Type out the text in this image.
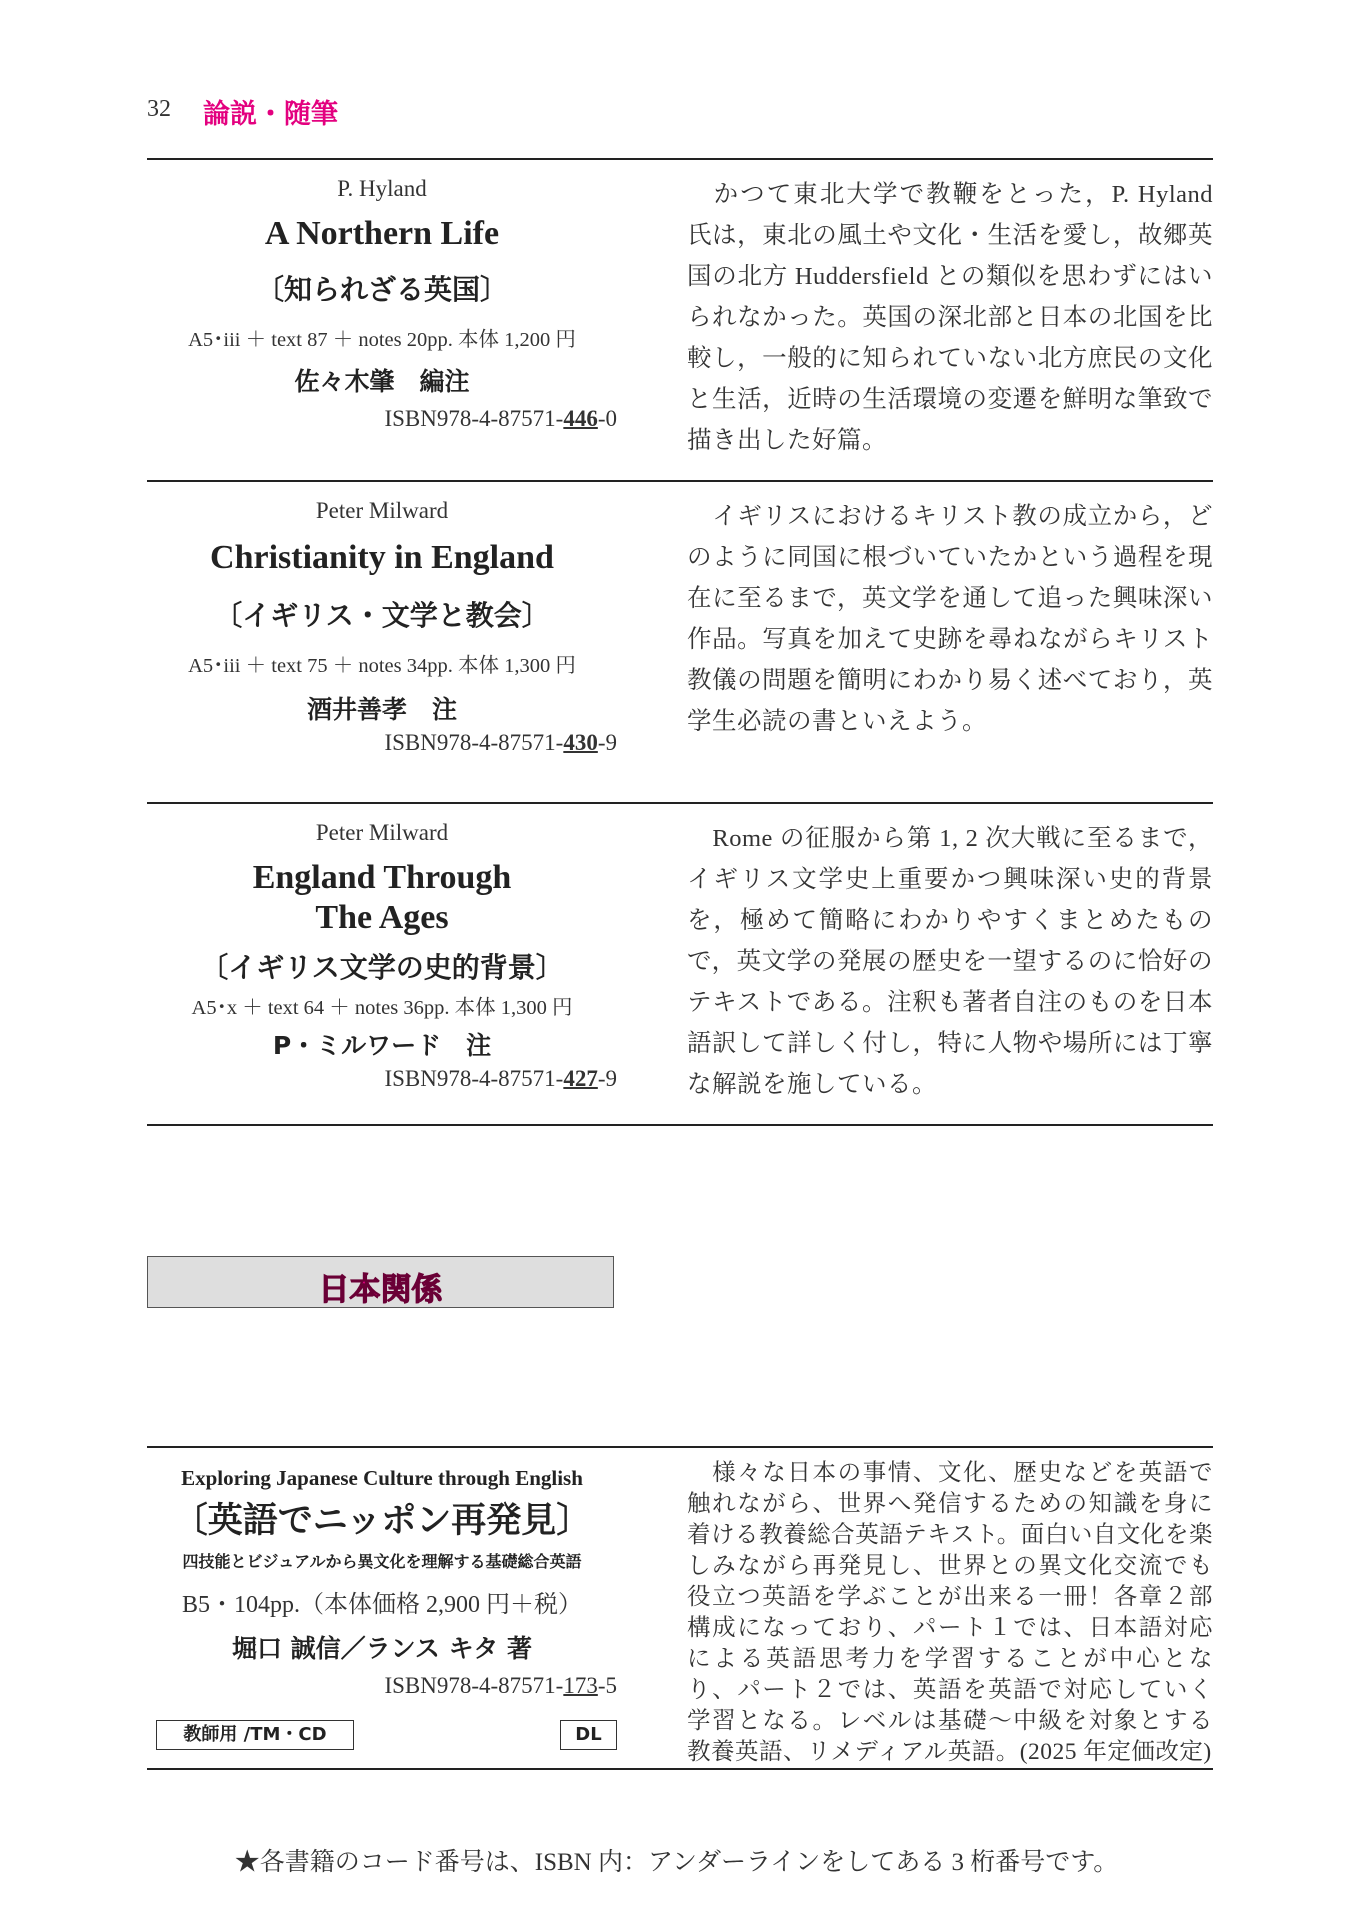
32 論説・随筆
P. Hyland
A Northern Life
〔知られざる英国〕
A5･iii ＋ text 87 ＋ notes 20pp. 本体 1,200 円
佐々木肇　編注
ISBN978-4-87571-446-0
　かつて東北大学で教鞭をとった，P. Hyland 氏は，東北の風土や文化・生活を愛し，故郷英国の北方 Huddersfield との類似を思わずにはいられなかった。英国の深北部と日本の北国を比較し，一般的に知られていない北方庶民の文化と生活，近時の生活環境の変遷を鮮明な筆致で描き出した好篇。
Peter Milward
Christianity in England
〔イギリス・文学と教会〕
A5･iii ＋ text 75 ＋ notes 34pp. 本体 1,300 円
酒井善孝　注
ISBN978-4-87571-430-9
　イギリスにおけるキリスト教の成立から，どのように同国に根づいていたかという過程を現在に至るまで，英文学を通して追った興味深い作品。写真を加えて史跡を尋ねながらキリスト教儀の問題を簡明にわかり易く述べており，英学生必読の書といえよう。
Peter Milward
England Through
The Ages
〔イギリス文学の史的背景〕
A5･x ＋ text 64 ＋ notes 36pp. 本体 1,300 円
P・ミルワード　注
ISBN978-4-87571-427-9
　Rome の征服から第 1, 2 次大戦に至るまで，イギリス文学史上重要かつ興味深い史的背景を，極めて簡略にわかりやすくまとめたもので，英文学の発展の歴史を一望するのに恰好のテキストである。注釈も著者自注のものを日本語訳して詳しく付し，特に人物や場所には丁寧な解説を施している。
日本関係
Exploring Japanese Culture through English
〔英語でニッポン再発見〕
四技能とビジュアルから異文化を理解する基礎総合英語
B5・104pp.（本体価格 2,900 円＋税）
堀口 誠信／ランス キタ 著
ISBN978-4-87571-173-5
教師用 /TM・CD	DL
　様々な日本の事情、文化、歴史などを英語で触れながら、世界へ発信するための知識を身に着ける教養総合英語テキスト。面白い自文化を楽しみながら再発見し、世界との異文化交流でも役立つ英語を学ぶことが出来る一冊！各章２部構成になっており、パート１では、日本語対応による英語思考力を学習することが中心となり、パート２では、英語を英語で対応していく学習となる。レベルは基礎～中級を対象とする教養英語、リメディアル英語。(2025 年定価改定)
★各書籍のコード番号は、ISBN 内：アンダーラインをしてある 3 桁番号です。
